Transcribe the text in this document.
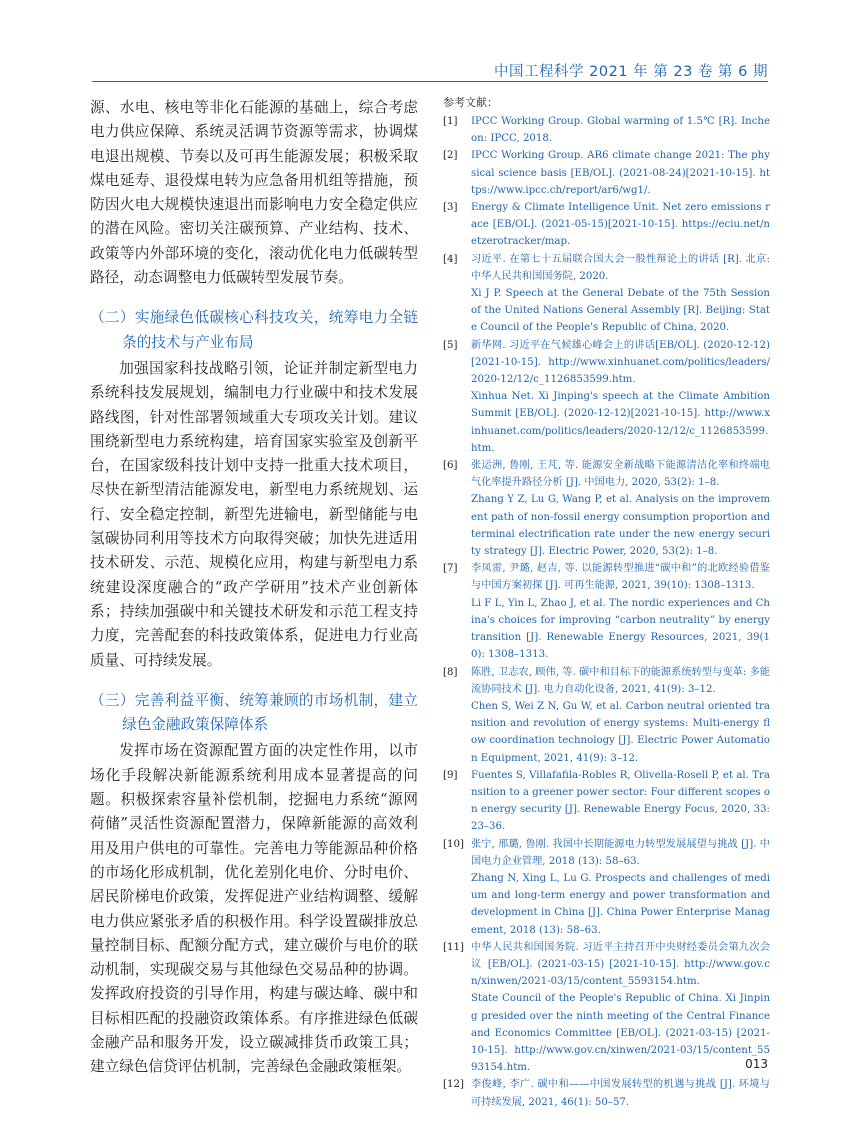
中国工程科学 2021 年 第 23 卷 第 6 期

源、水电、核电等非化石能源的基础上，综合考虑电力供应保障、系统灵活调节资源等需求，协调煤电退出规模、节奏以及可再生能源发展；积极采取煤电延寿、退役煤电转为应急备用机组等措施，预防因火电大规模快速退出而影响电力安全稳定供应的潜在风险。密切关注碳预算、产业结构、技术、政策等内外部环境的变化，滚动优化电力低碳转型路径，动态调整电力低碳转型发展节奏。

（二）实施绿色低碳核心科技攻关，统筹电力全链条的技术与产业布局

加强国家科技战略引领，论证并制定新型电力系统科技发展规划，编制电力行业碳中和技术发展路线图，针对性部署领域重大专项攻关计划。建议围绕新型电力系统构建，培育国家实验室及创新平台，在国家级科技计划中支持一批重大技术项目，尽快在新型清洁能源发电，新型电力系统规划、运行、安全稳定控制，新型先进输电，新型储能与电氢碳协同利用等技术方向取得突破；加快先进适用技术研发、示范、规模化应用，构建与新型电力系统建设深度融合的“政产学研用”技术产业创新体系；持续加强碳中和关键技术研发和示范工程支持力度，完善配套的科技政策体系，促进电力行业高质量、可持续发展。

（三）完善利益平衡、统筹兼顾的市场机制，建立绿色金融政策保障体系

发挥市场在资源配置方面的决定性作用，以市场化手段解决新能源系统利用成本显著提高的问题。积极探索容量补偿机制，挖掘电力系统“源网荷储”灵活性资源配置潜力，保障新能源的高效利用及用户供电的可靠性。完善电力等能源品种价格的市场化形成机制，优化差别化电价、分时电价、居民阶梯电价政策，发挥促进产业结构调整、缓解电力供应紧张矛盾的积极作用。科学设置碳排放总量控制目标、配额分配方式，建立碳价与电价的联动机制，实现碳交易与其他绿色交易品种的协调。发挥政府投资的引导作用，构建与碳达峰、碳中和目标相匹配的投融资政策体系。有序推进绿色低碳金融产品和服务开发，设立碳减排货币政策工具；建立绿色信贷评估机制，完善绿色金融政策框架。

参考文献：
[1]	IPCC Working Group. Global warming of 1.5℃ [R]. Incheon: IPCC, 2018.
[2]	IPCC Working Group. AR6 climate change 2021: The physical science basis [EB/OL]. (2021-08-24)[2021-10-15]. https://www.ipcc.ch/report/ar6/wg1/.
[3]	Energy & Climate Intelligence Unit. Net zero emissions race [EB/OL]. (2021-05-15)[2021-10-15]. https://eciu.net/netzerotracker/map.
[4]	习近平. 在第七十五届联合国大会一般性辩论上的讲话 [R]. 北京: 中华人民共和国国务院, 2020.
Xi J P. Speech at the General Debate of the 75th Session of the United Nations General Assembly [R]. Beijing: State Council of the People's Republic of China, 2020.
[5]	新华网. 习近平在气候雄心峰会上的讲话[EB/OL]. (2020-12-12)[2021-10-15]. http://www.xinhuanet.com/politics/leaders/2020-12/12/c_1126853599.htm.
Xinhua Net. Xi Jinping's speech at the Climate Ambition Summit [EB/OL]. (2020-12-12)[2021-10-15]. http://www.xinhuanet.com/politics/leaders/2020-12/12/c_1126853599.htm.
[6]	张运洲, 鲁刚, 王芃, 等. 能源安全新战略下能源清洁化率和终端电气化率提升路径分析 [J]. 中国电力, 2020, 53(2): 1–8.
Zhang Y Z, Lu G, Wang P, et al. Analysis on the improvement path of non-fossil energy consumption proportion and terminal electrification rate under the new energy security strategy [J]. Electric Power, 2020, 53(2): 1–8.
[7]	李凤雷, 尹璐, 赵吉, 等. 以能源转型推进“碳中和”的北欧经验借鉴与中国方案初探 [J]. 可再生能源, 2021, 39(10): 1308–1313.
Li F L, Yin L, Zhao J, et al. The nordic experiences and China's choices for improving “carbon neutrality” by energy transition [J]. Renewable Energy Resources, 2021, 39(10): 1308–1313.
[8]	陈胜, 卫志农, 顾伟, 等. 碳中和目标下的能源系统转型与变革: 多能流协同技术 [J]. 电力自动化设备, 2021, 41(9): 3–12.
Chen S, Wei Z N, Gu W, et al. Carbon neutral oriented transition and revolution of energy systems: Multi-energy flow coordination technology [J]. Electric Power Automation Equipment, 2021, 41(9): 3–12.
[9]	Fuentes S, Villafafila-Robles R, Olivella-Rosell P, et al. Transition to a greener power sector: Four different scopes on energy security [J]. Renewable Energy Focus, 2020, 33: 23–36.
[10] 张宁, 邢璐, 鲁刚. 我国中长期能源电力转型发展展望与挑战 [J]. 中国电力企业管理, 2018 (13): 58–63.
Zhang N, Xing L, Lu G. Prospects and challenges of medium and long-term energy and power transformation and development in China [J]. China Power Enterprise Management, 2018 (13): 58–63.
[11] 中华人民共和国国务院. 习近平主持召开中央财经委员会第九次会议 [EB/OL]. (2021-03-15) [2021-10-15]. http://www.gov.cn/xinwen/2021-03/15/content_5593154.htm.
State Council of the People's Republic of China. Xi Jinping presided over the ninth meeting of the Central Finance and Economics Committee [EB/OL]. (2021-03-15) [2021-10-15]. http://www.gov.cn/xinwen/2021-03/15/content_5593154.htm.
[12] 李俊峰, 李广. 碳中和——中国发展转型的机遇与挑战 [J]. 环境与可持续发展, 2021, 46(1): 50–57.
013
